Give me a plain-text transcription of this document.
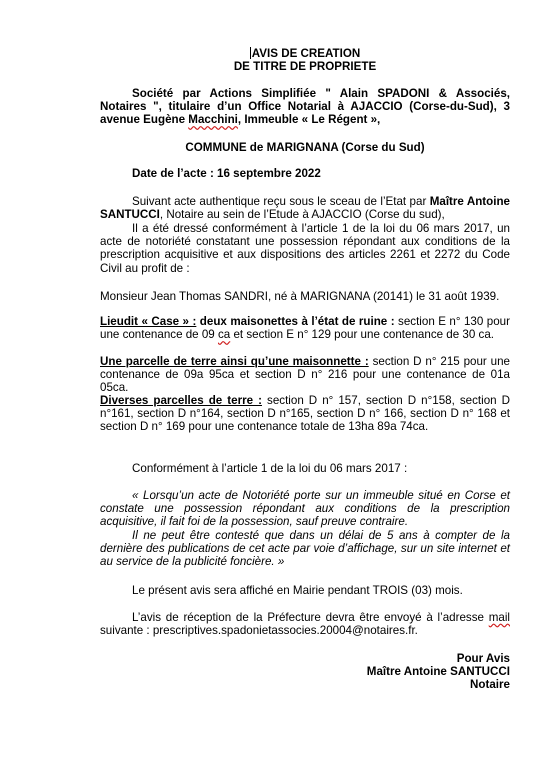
AVIS DE CREATION
DE TITRE DE PROPRIETE
Société par Actions Simplifiée " Alain SPADONI & Associés, Notaires ", titulaire d’un Office Notarial à AJACCIO (Corse-du-Sud), 3 avenue Eugène Macchini, Immeuble « Le Régent »,
COMMUNE de MARIGNANA (Corse du Sud)
Date de l’acte : 16 septembre 2022
Suivant acte authentique reçu sous le sceau de l’Etat par Maître Antoine SANTUCCI, Notaire au sein de l’Etude à AJACCIO (Corse du sud),
Il a été dressé conformément à l’article 1 de la loi du 06 mars 2017, un acte de notoriété constatant une possession répondant aux conditions de la prescription acquisitive et aux dispositions des articles 2261 et 2272 du Code Civil au profit de :
Monsieur Jean Thomas SANDRI, né à MARIGNANA (20141) le 31 août 1939.
Lieudit « Case » : deux maisonettes à l’état de ruine : section E n° 130 pour une contenance de 09 ca et section E n° 129 pour une contenance de 30 ca.
Une parcelle de terre ainsi qu’une maisonnette : section D n° 215 pour une contenance de 09a 95ca et section D n° 216 pour une contenance de 01a 05ca.
Diverses parcelles de terre : section D n° 157, section D n°158, section D n°161, section D n°164, section D n°165, section D n° 166, section D n° 168 et section D n° 169 pour une contenance totale de 13ha 89a 74ca.
Conformément à l’article 1 de la loi du 06 mars 2017 :
« Lorsqu’un acte de Notoriété porte sur un immeuble situé en Corse et constate une possession répondant aux conditions de la prescription acquisitive, il fait foi de la possession, sauf preuve contraire.
Il ne peut être contesté que dans un délai de 5 ans à compter de la dernière des publications de cet acte par voie d’affichage, sur un site internet et au service de la publicité foncière. »
Le présent avis sera affiché en Mairie pendant TROIS (03) mois.
L’avis de réception de la Préfecture devra être envoyé à l’adresse mail suivante : prescriptives.spadonietassocies.20004@notaires.fr.
Pour Avis
Maître Antoine SANTUCCI
Notaire
